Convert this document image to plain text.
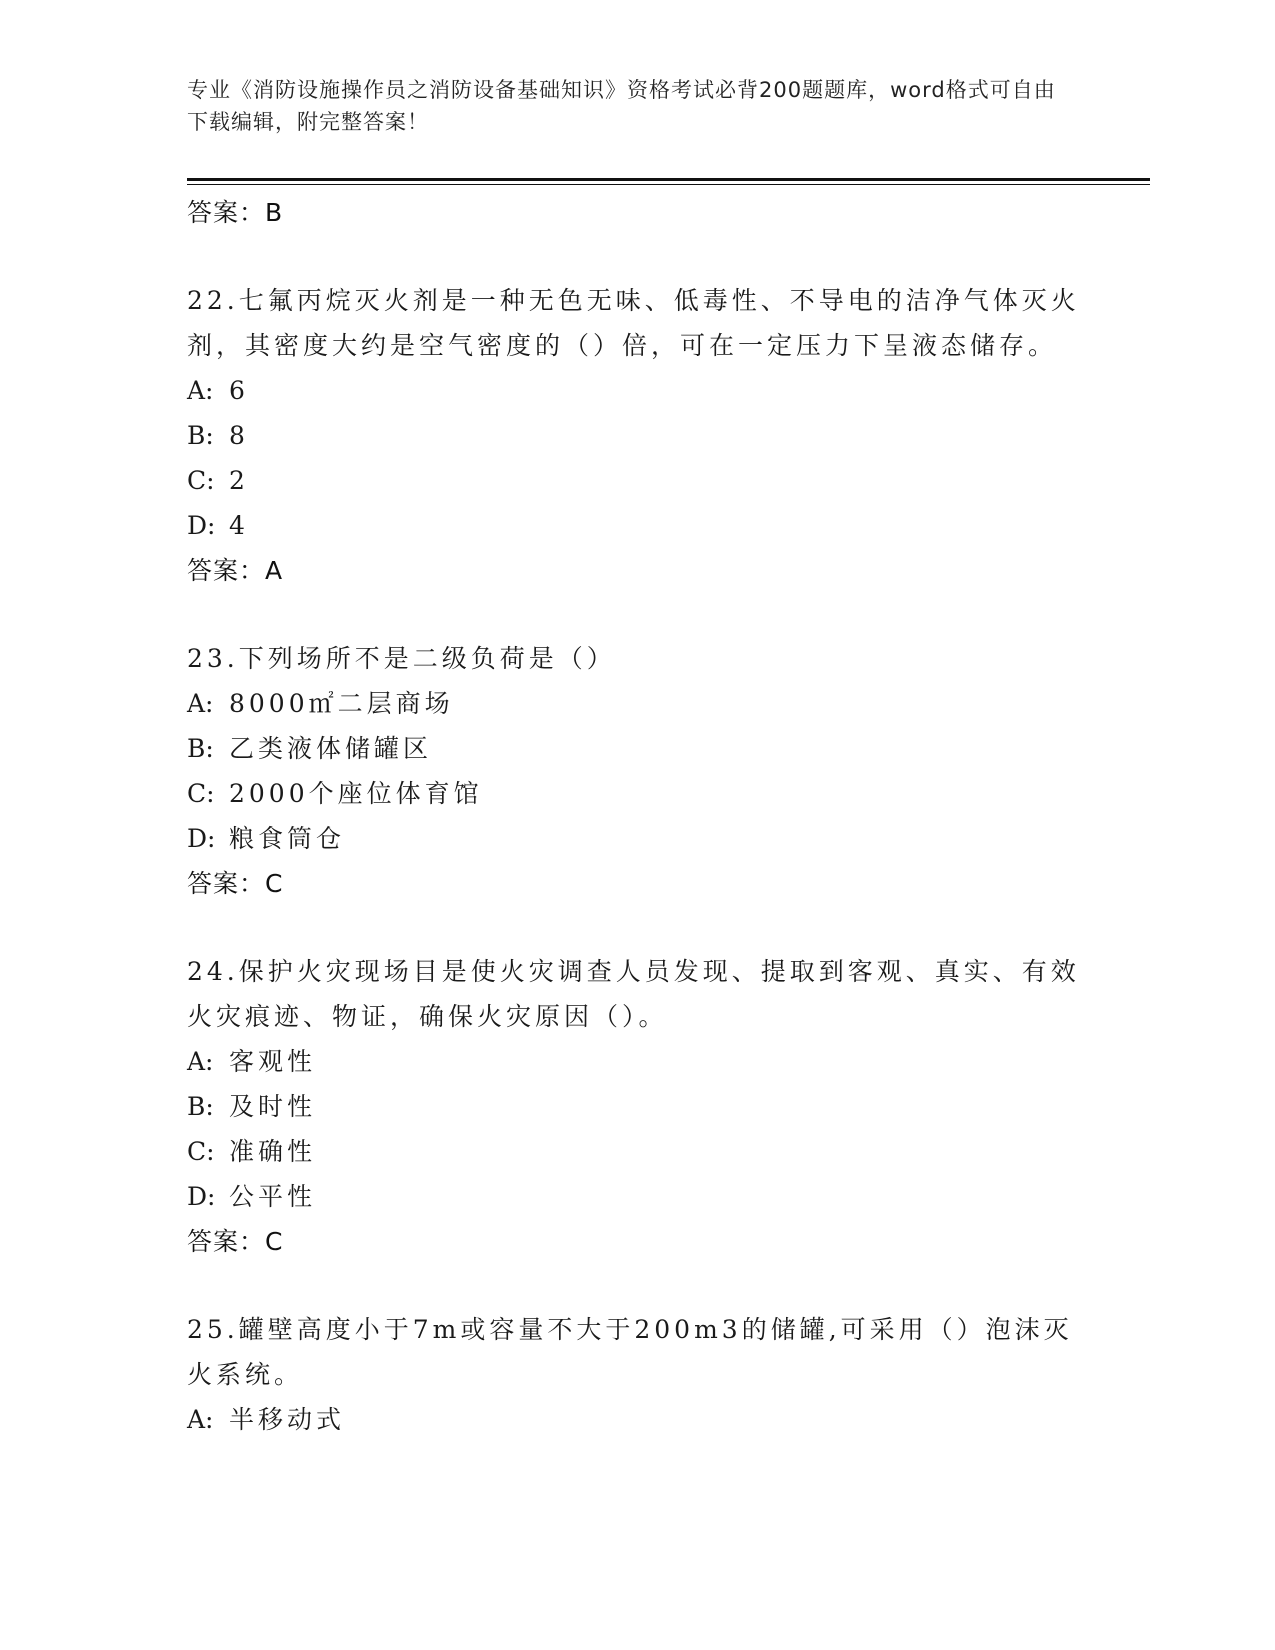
专业《消防设施操作员之消防设备基础知识》资格考试必背200题题库，word格式可自由下载编辑，附完整答案！
答案：B

22.七氟丙烷灭火剂是一种无色无味、低毒性、不导电的洁净气体灭火剂，其密度大约是空气密度的（）倍，可在一定压力下呈液态储存。

A: 6
B: 8
C: 2
D: 4
答案：A

23.下列场所不是二级负荷是（）

A: 8000㎡二层商场
B: 乙类液体储罐区
C: 2000个座位体育馆
D: 粮食筒仓
答案：C

24.保护火灾现场目是使火灾调查人员发现、提取到客观、真实、有效火灾痕迹、物证，确保火灾原因（）。

A: 客观性
B: 及时性
C: 准确性
D: 公平性
答案：C

25.罐壁高度小于7m或容量不大于200m3的储罐,可采用（）泡沫灭火系统。

A: 半移动式
